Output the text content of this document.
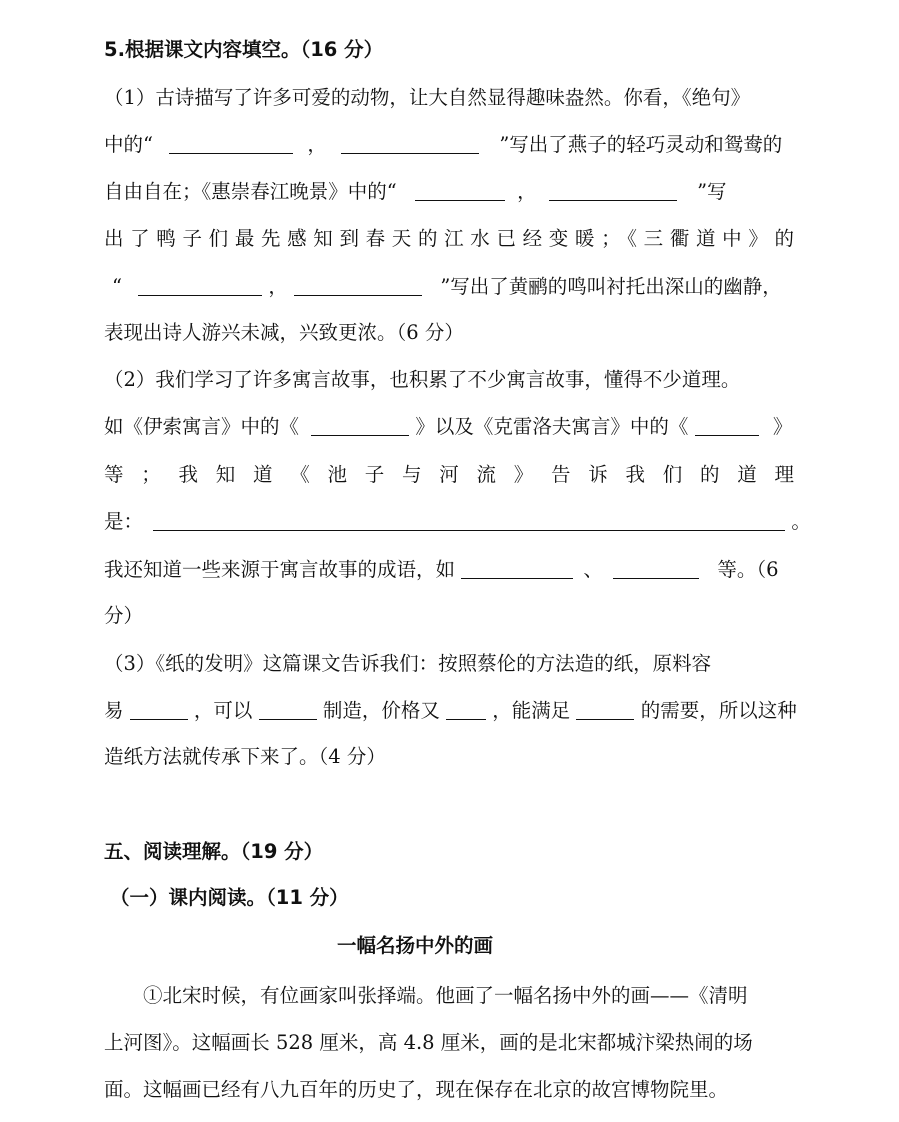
5.根据课文内容填空。（16 分）
（1）古诗描写了许多可爱的动物，让大自然显得趣味盎然。你看，《绝句》
中的“	，	”写出了燕子的轻巧灵动和鸳鸯的
自由自在；《惠崇春江晚景》中的“	，	”写
出了鸭子们最先感知到春天的江水已经变暖；《三衢道中》的
“	，	”写出了黄鹂的鸣叫衬托出深山的幽静，
表现出诗人游兴未减，兴致更浓。（6 分）
（2）我们学习了许多寓言故事，也积累了不少寓言故事，懂得不少道理。
如《伊索寓言》中的《	》以及《克雷洛夫寓言》中的《	》
等；我知道《池子与河流》告诉我们的道理
是：	。
我还知道一些来源于寓言故事的成语，如	、	等。（6
分）
（3）《纸的发明》这篇课文告诉我们：按照蔡伦的方法造的纸，原料容
易	，可以	制造，价格又	，能满足	的需要，所以这种
造纸方法就传承下来了。（4 分）
五、阅读理解。（19 分）
（一）课内阅读。（11 分）
一幅名扬中外的画
①北宋时候，有位画家叫张择端。他画了一幅名扬中外的画——《清明
上河图》。这幅画长 528 厘米，高 4.8 厘米，画的是北宋都城汴梁热闹的场
面。这幅画已经有八九百年的历史了，现在保存在北京的故宫博物院里。
